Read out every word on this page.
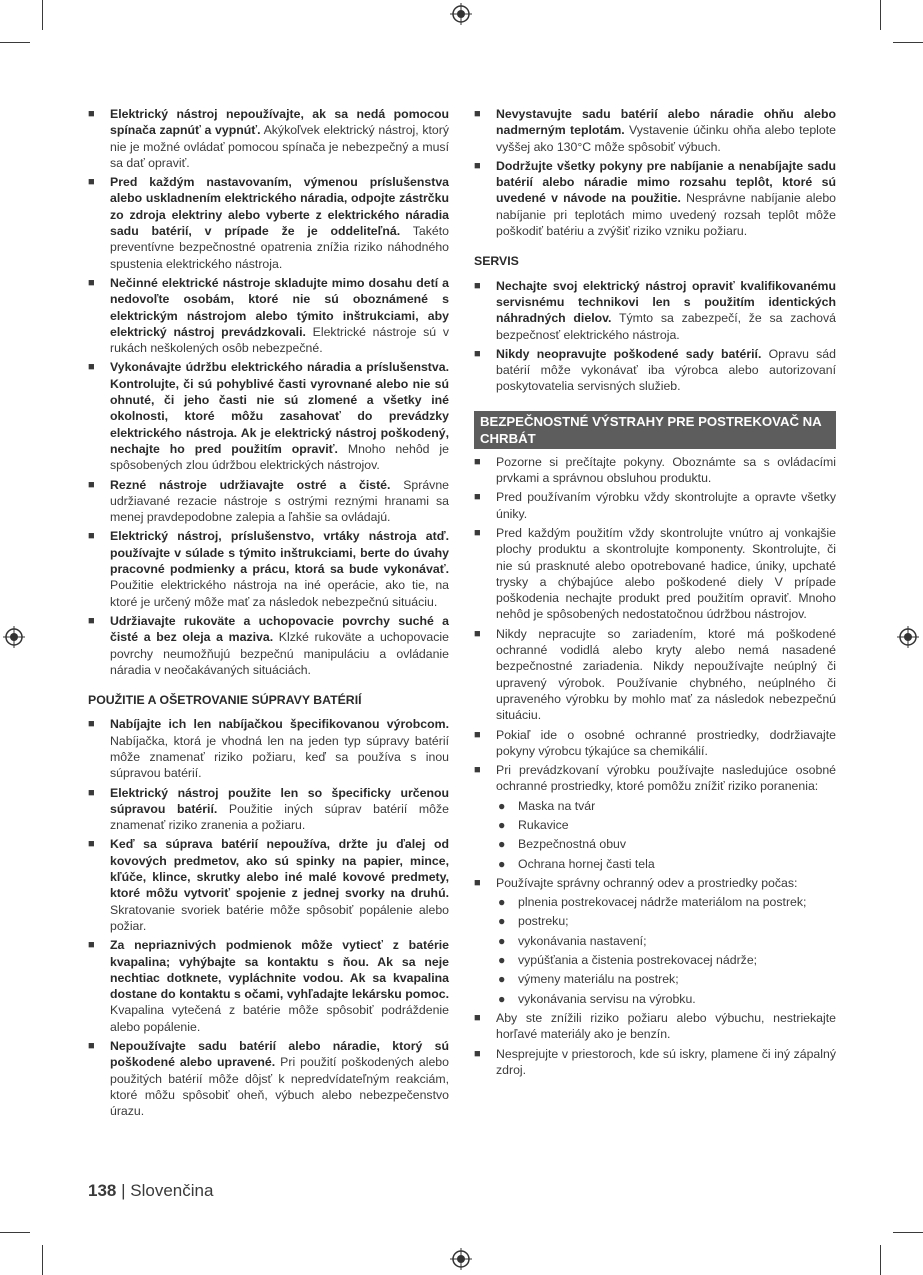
■ Elektrický nástroj nepoužívajte, ak sa nedá pomocou spínača zapnúť a vypnúť. Akýkoľvek elektrický nástroj, ktorý nie je možné ovládať pomocou spínača je nebezpečný a musí sa dať opraviť.
■ Pred každým nastavovaním, výmenou príslušenstva alebo uskladnením elektrického náradia, odpojte zástrčku zo zdroja elektriny alebo vyberte z elektrického náradia sadu batérií, v prípade že je oddeliteľná. Takéto preventívne bezpečnostné opatrenia znížia riziko náhodného spustenia elektrického nástroja.
■ Nečinné elektrické nástroje skladujte mimo dosahu detí a nedovoľte osobám, ktoré nie sú oboznámené s elektrickým nástrojom alebo týmito inštrukciami, aby elektrický nástroj prevádzkovali. Elektrické nástroje sú v rukách neškolených osôb nebezpečné.
■ Vykonávajte údržbu elektrického náradia a príslušenstva. Kontrolujte, či sú pohyblivé časti vyrovnané alebo nie sú ohnuté, či jeho časti nie sú zlomené a všetky iné okolnosti, ktoré môžu zasahovať do prevádzky elektrického nástroja. Ak je elektrický nástroj poškodený, nechajte ho pred použitím opraviť. Mnoho nehôd je spôsobených zlou údržbou elektrických nástrojov.
■ Rezné nástroje udržiavajte ostré a čisté. Správne udržiavané rezacie nástroje s ostrými reznými hranami sa menej pravdepodobne zalepia a ľahšie sa ovládajú.
■ Elektrický nástroj, príslušenstvo, vrtáky nástroja atď. používajte v súlade s týmito inštrukciami, berte do úvahy pracovné podmienky a prácu, ktorá sa bude vykonávať. Použitie elektrického nástroja na iné operácie, ako tie, na ktoré je určený môže mať za následok nebezpečnú situáciu.
■ Udržiavajte rukoväte a uchopovacie povrchy suché a čisté a bez oleja a maziva. Klzké rukoväte a uchopovacie povrchy neumožňujú bezpečnú manipuláciu a ovládanie náradia v neočakávaných situáciách.
POUŽITIE A OŠETROVANIE SÚPRAVY BATÉRIÍ
■ Nabíjajte ich len nabíjačkou špecifikovanou výrobcom. Nabíjačka, ktorá je vhodná len na jeden typ súpravy batérií môže znamenať riziko požiaru, keď sa používa s inou súpravou batérií.
■ Elektrický nástroj použite len so špecificky určenou súpravou batérií. Použitie iných súprav batérií môže znamenať riziko zranenia a požiaru.
■ Keď sa súprava batérií nepoužíva, držte ju ďalej od kovových predmetov, ako sú spinky na papier, mince, kľúče, klince, skrutky alebo iné malé kovové predmety, ktoré môžu vytvoriť spojenie z jednej svorky na druhú. Skratovanie svoriek batérie môže spôsobiť popálenie alebo požiar.
■ Za nepriaznivých podmienok môže vytiecť z batérie kvapalina; vyhýbajte sa kontaktu s ňou. Ak sa neje nechtiac dotknete, vypláchnite vodou. Ak sa kvapalina dostane do kontaktu s očami, vyhľadajte lekársku pomoc. Kvapalina vytečená z batérie môže spôsobiť podráždenie alebo popálenie.
■ Nepoužívajte sadu batérií alebo náradie, ktorý sú poškodené alebo upravené. Pri použití poškodených alebo použitých batérií môže dôjsť k nepredvídateľným reakciám, ktoré môžu spôsobiť oheň, výbuch alebo nebezpečenstvo úrazu.
■ Nevystavujte sadu batérií alebo náradie ohňu alebo nadmerným teplotám. Vystavenie účinku ohňa alebo teplote vyššej ako 130°C môže spôsobiť výbuch.
■ Dodržujte všetky pokyny pre nabíjanie a nenabíjajte sadu batérií alebo náradie mimo rozsahu teplôt, ktoré sú uvedené v návode na použitie. Nesprávne nabíjanie alebo nabíjanie pri teplotách mimo uvedený rozsah teplôt môže poškodiť batériu a zvýšiť riziko vzniku požiaru.
SERVIS
■ Nechajte svoj elektrický nástroj opraviť kvalifikovanému servisnému technikovi len s použitím identických náhradných dielov. Týmto sa zabezpečí, že sa zachová bezpečnosť elektrického nástroja.
■ Nikdy neopravujte poškodené sady batérií. Opravu sád batérií môže vykonávať iba výrobca alebo autorizovaní poskytovatelia servisných služieb.
BEZPEČNOSTNÉ VÝSTRAHY PRE POSTREKOVAČ NA CHRBÁT
■ Pozorne si prečítajte pokyny. Oboznámte sa s ovládacími prvkami a správnou obsluhou produktu.
■ Pred používaním výrobku vždy skontrolujte a opravte všetky úniky.
■ Pred každým použitím vždy skontrolujte vnútro aj vonkajšie plochy produktu a skontrolujte komponenty. Skontrolujte, či nie sú prasknuté alebo opotrebované hadice, úniky, upchaté trysky a chýbajúce alebo poškodené diely V prípade poškodenia nechajte produkt pred použitím opraviť. Mnoho nehôd je spôsobených nedostatočnou údržbou nástrojov.
■ Nikdy nepracujte so zariadením, ktoré má poškodené ochranné vodidlá alebo kryty alebo nemá nasadené bezpečnostné zariadenia. Nikdy nepoužívajte neúplný či upravený výrobok. Používanie chybného, neúplného či upraveného výrobku by mohlo mať za následok nebezpečnú situáciu.
■ Pokiaľ ide o osobné ochranné prostriedky, dodržiavajte pokyny výrobcu týkajúce sa chemikálií.
■ Pri prevádzkovaní výrobku používajte nasledujúce osobné ochranné prostriedky, ktoré pomôžu znížiť riziko poranenia:
● Maska na tvár
● Rukavice
● Bezpečnostná obuv
● Ochrana hornej časti tela
■ Používajte správny ochranný odev a prostriedky počas:
● plnenia postrekovacej nádrže materiálom na postrek;
● postreku;
● vykonávania nastavení;
● vypúšťania a čistenia postrekovacej nádrže;
● výmeny materiálu na postrek;
● vykonávania servisu na výrobku.
■ Aby ste znížili riziko požiaru alebo výbuchu, nestriekajte horľavé materiály ako je benzín.
■ Nesprejujte v priestoroch, kde sú iskry, plamene či iný zápalný zdroj.
138 | Slovenčina
